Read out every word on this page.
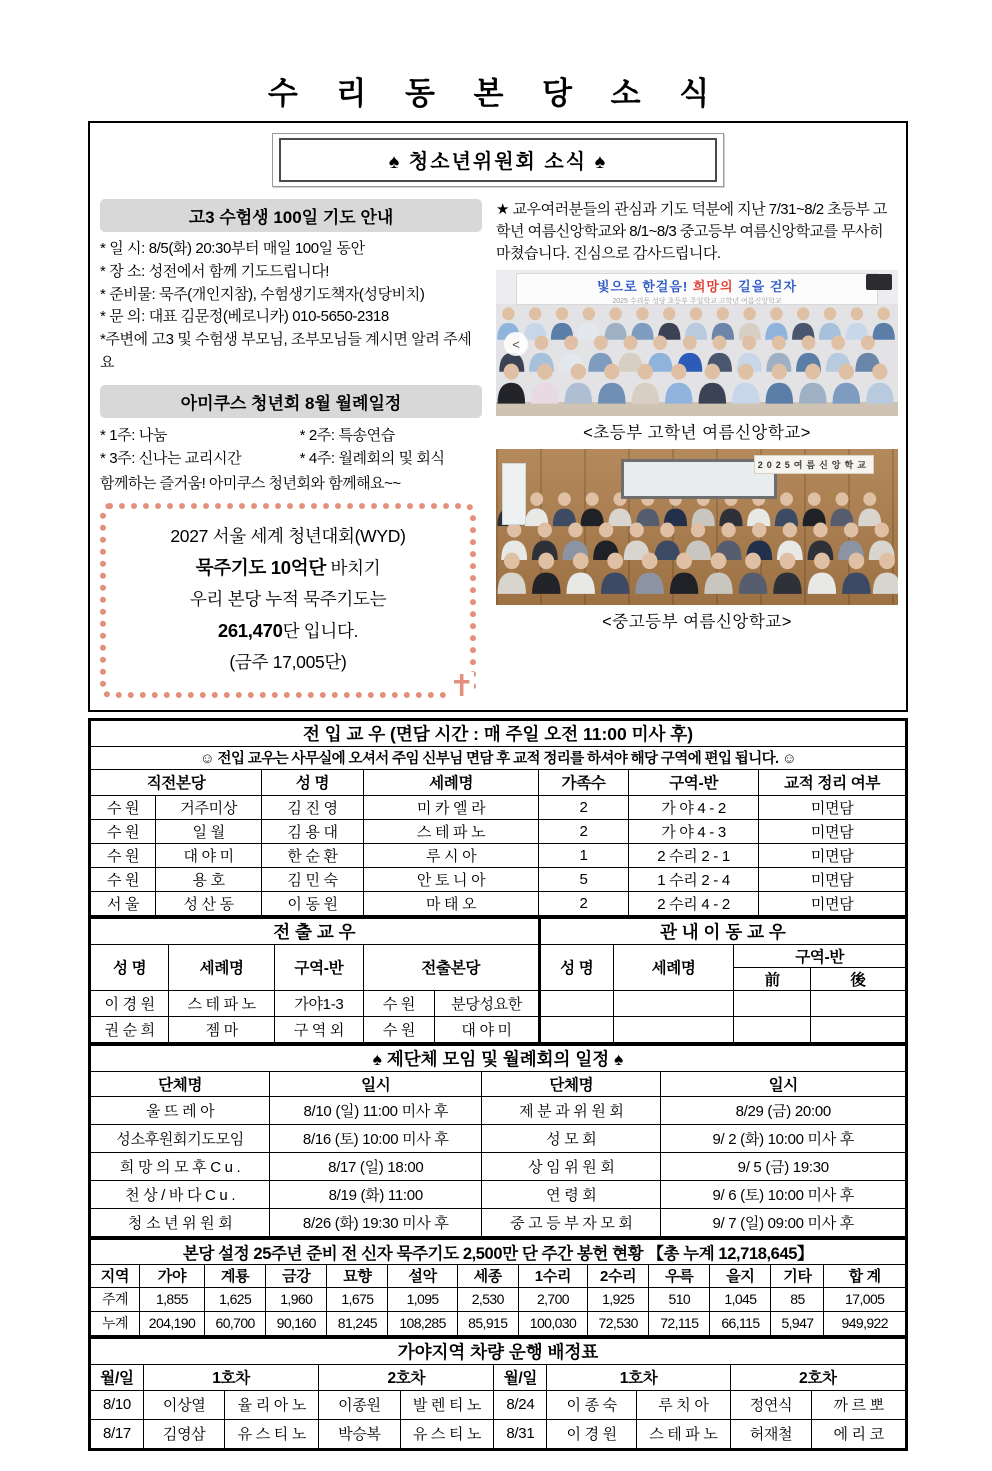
수 리 동 본 당 소 식
♠ 청소년위원회 소식 ♠
고3 수험생 100일 기도 안내
* 일 시: 8/5(화) 20:30부터 매일 100일 동안
* 장 소: 성전에서 함께 기도드립니다!
* 준비물: 묵주(개인지참), 수험생기도책자(성당비치)
* 문 의: 대표 김문정(베로니카) 010-5650-2318
*주변에 고3 및 수험생 부모님, 조부모님들 계시면 알려 주세요
아미쿠스 청년회 8월 월례일정
* 1주: 나눔	* 2주: 특송연습
* 3주: 신나는 교리시간	* 4주: 월례회의 및 회식
함께하는 즐거움! 아미쿠스 청년회와 함께해요~~
2027 서울 세계 청년대회(WYD)
묵주기도 10억단 바치기
우리 본당 누적 묵주기도는
261,470단 입니다.
(금주 17,005단)
✝
★ 교우여러분들의 관심과 기도 덕분에 지난 7/31~8/2 초등부 고학년 여름신앙학교와 8/1~8/3 중고등부 여름신앙학교를 무사히 마쳤습니다. 진심으로 감사드립니다.
빛으로 한걸음! 희망의 길을 걷자
2025 수리동 성당 초등부 주일학교 고학년 여름신앙학교
<
<초등부 고학년 여름신앙학교>
2025여름신앙학교
<중고등부 여름신앙학교>
전 입 교 우 (면담 시간 : 매 주일 오전 11:00 미사 후)						
☺ 전입 교우는 사무실에 오셔서 주임 신부님 면담 후 교적 정리를 하셔야 해당 구역에 편입 됩니다. ☺						
직전본당		성 명	세례명	가족수	구역-반	교적 정리 여부
수 원	거주미상	김 진 영	미 카 엘 라	2	가 야 4 - 2	미면담
수 원	일 월	김 용 대	스 테 파 노	2	가 야 4 - 3	미면담
수 원	대 야 미	한 순 환	루 시 아	1	2 수리 2 - 1	미면담
수 원	용 호	김 민 숙	안 토 니 아	5	1 수리 2 - 4	미면담
서 울	성 산 동	이 동 원	마 태 오	2	2 수리 4 - 2	미면담
전 출 교 우				
성 명	세례명	구역-반	전출본당	
이 경 원	스 테 파 노	가야1-3	수 원	분당성요한
권 순 희	젬 마	구 역 외	수 원	대 야 미
관 내 이 동 교 우			
성 명	세례명	구역-반	
		前	後

♠ 제단체 모임 및 월례회의 일정 ♠			
단체명	일시	단체명	일시
울 뜨 레 아	8/10 (일) 11:00 미사 후	제 분 과 위 원 회	8/29 (금) 20:00
성소후원회기도모임	8/16 (토) 10:00 미사 후	성 모 회	9/ 2 (화) 10:00 미사 후
희 망 의 모 후 C u .	8/17 (일) 18:00	상 임 위 원 회	9/ 5 (금) 19:30
천 상 / 바 다 C u .	8/19 (화) 11:00	연 령 회	9/ 6 (토) 10:00 미사 후
청 소 년 위 원 회	8/26 (화) 19:30 미사 후	중 고 등 부 자 모 회	9/ 7 (일) 09:00 미사 후
본당 설정 25주년 준비 전 신자 묵주기도 2,500만 단 주간 봉헌 현황 【총 누계 12,718,645】												
지역	가야	계룡	금강	묘향	설악	세종	1수리	2수리	우륵	을지	기타	합 계
주계	1,855	1,625	1,960	1,675	1,095	2,530	2,700	1,925	510	1,045	85	17,005
누계	204,190	60,700	90,160	81,245	108,285	85,915	100,030	72,530	72,115	66,115	5,947	949,922
가야지역 차량 운행 배정표									
월/일	1호차		2호차		월/일	1호차		2호차	
8/10	이상열	율 리 아 노	이종원	발 렌 티 노	8/24	이 종 숙	루 치 아	정연식	까 르 뽀
8/17	김영삼	유 스 티 노	박승복	유 스 티 노	8/31	이 경 원	스 테 파 노	허재철	에 리 코
